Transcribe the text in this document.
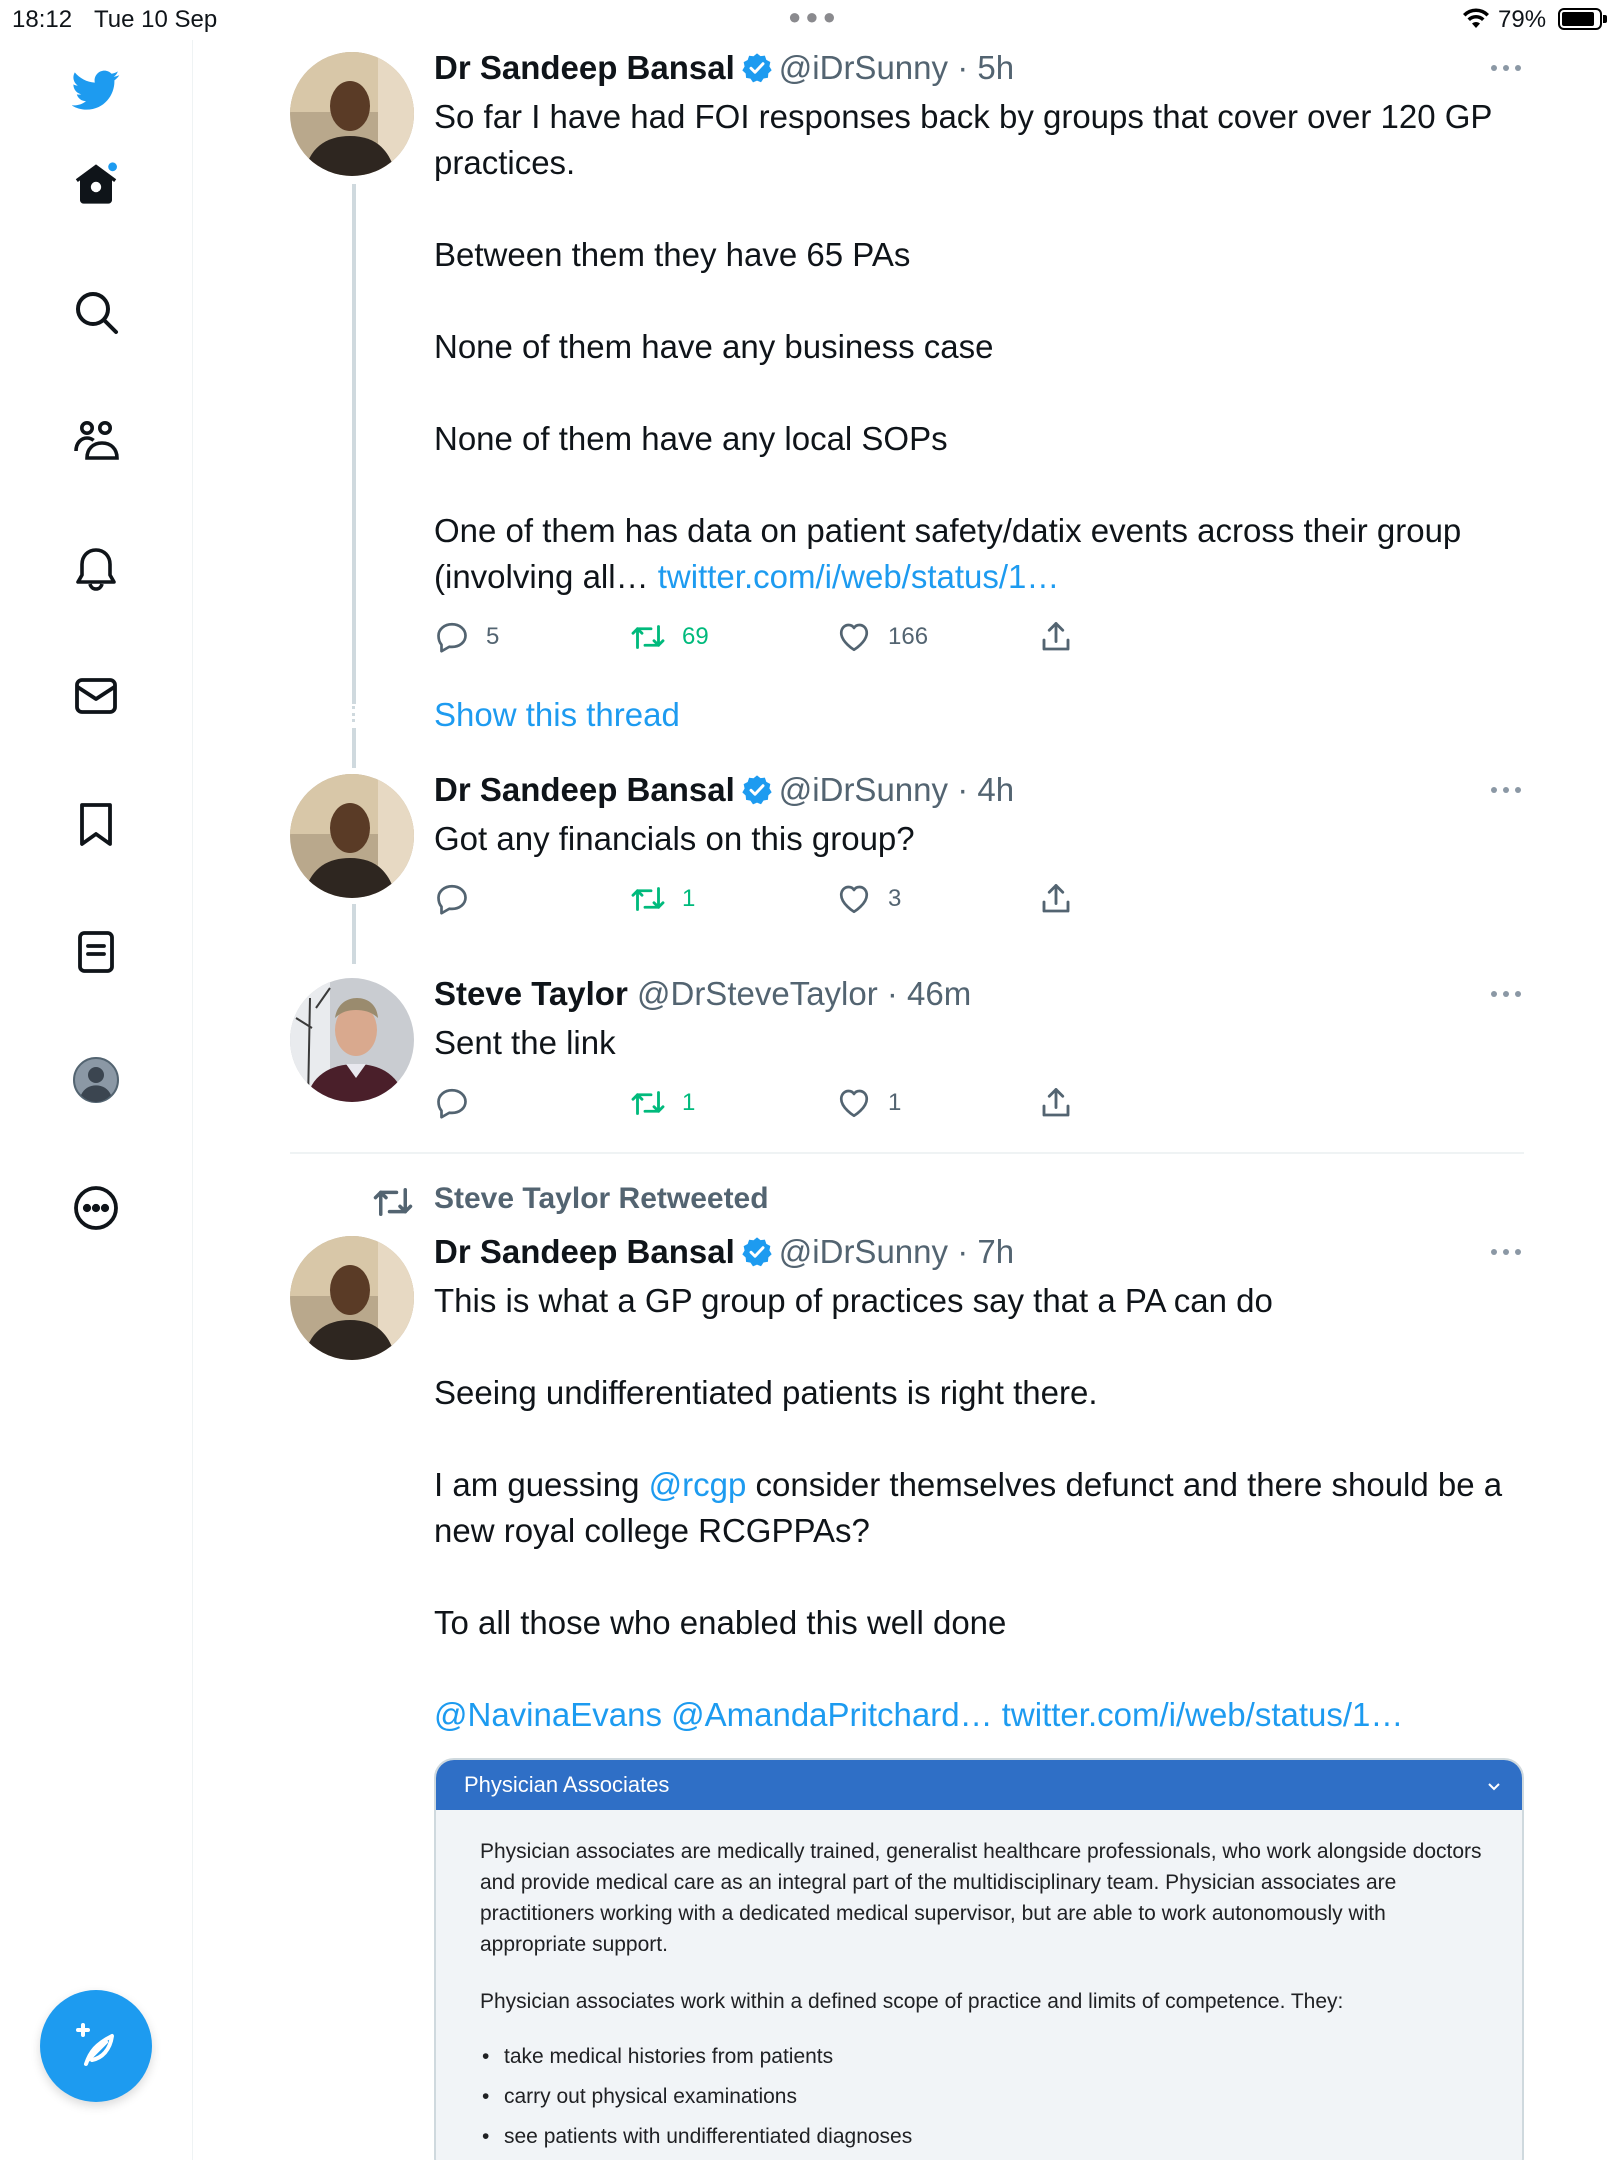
18:12 Tue 10 Sep	●●●	79%
Dr Sandeep Bansal @iDrSunny · 5h

So far I have had FOI responses back by groups that cover over 120 GP practices.

Between them they have 65 PAs

None of them have any business case

None of them have any local SOPs

One of them has data on patient safety/datix events across their group (involving all… twitter.com/i/web/status/1…

5	69	166
Show this thread
Dr Sandeep Bansal @iDrSunny · 4h

Got any financials on this group?

1	3
Steve Taylor @DrSteveTaylor · 46m

Sent the link

1	1
Steve Taylor Retweeted
Dr Sandeep Bansal @iDrSunny · 7h

This is what a GP group of practices say that a PA can do

Seeing undifferentiated patients is right there.

I am guessing @rcgp consider themselves defunct and there should be a new royal college RCGPPAs?

To all those who enabled this well done

@NavinaEvans @AmandaPritchard… twitter.com/i/web/status/1…

Physician Associates

Physician associates are medically trained, generalist healthcare professionals, who work alongside doctors and provide medical care as an integral part of the multidisciplinary team. Physician associates are practitioners working with a dedicated medical supervisor, but are able to work autonomously with appropriate support.

Physician associates work within a defined scope of practice and limits of competence. They:

• take medical histories from patients
• carry out physical examinations
• see patients with undifferentiated diagnoses
